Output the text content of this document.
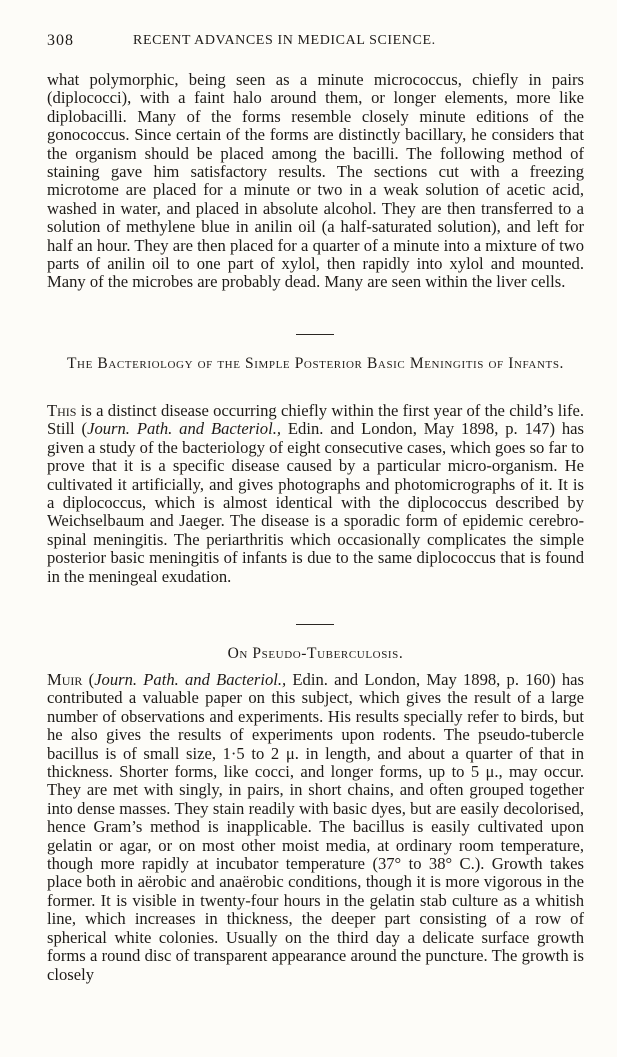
308	RECENT ADVANCES IN MEDICAL SCIENCE.

what polymorphic, being seen as a minute micrococcus, chiefly in pairs (diplococci), with a faint halo around them, or longer elements, more like diplobacilli. Many of the forms resemble closely minute editions of the gonococcus. Since certain of the forms are distinctly bacillary, he considers that the organism should be placed among the bacilli. The following method of staining gave him satisfactory results. The sections cut with a freezing microtome are placed for a minute or two in a weak solution of acetic acid, washed in water, and placed in absolute alcohol. They are then transferred to a solution of methylene blue in anilin oil (a half-saturated solution), and left for half an hour. They are then placed for a quarter of a minute into a mixture of two parts of anilin oil to one part of xylol, then rapidly into xylol and mounted. Many of the microbes are probably dead. Many are seen within the liver cells.

The Bacteriology of the Simple Posterior Basic Meningitis of Infants.

This is a distinct disease occurring chiefly within the first year of the child’s life. Still (Journ. Path. and Bacteriol., Edin. and London, May 1898, p. 147) has given a study of the bacteriology of eight consecutive cases, which goes so far to prove that it is a specific disease caused by a particular micro-organism. He cultivated it artificially, and gives photographs and photomicrographs of it. It is a diplococcus, which is almost identical with the diplococcus described by Weichselbaum and Jaeger. The disease is a sporadic form of epidemic cerebro-spinal meningitis. The periarthritis which occasionally complicates the simple posterior basic meningitis of infants is due to the same diplococcus that is found in the meningeal exudation.

On Pseudo-Tuberculosis.

Muir (Journ. Path. and Bacteriol., Edin. and London, May 1898, p. 160) has contributed a valuable paper on this subject, which gives the result of a large number of observations and experiments. His results specially refer to birds, but he also gives the results of experiments upon rodents. The pseudo-tubercle bacillus is of small size, 1·5 to 2 μ. in length, and about a quarter of that in thickness. Shorter forms, like cocci, and longer forms, up to 5 μ., may occur. They are met with singly, in pairs, in short chains, and often grouped together into dense masses. They stain readily with basic dyes, but are easily decolorised, hence Gram’s method is inapplicable. The bacillus is easily cultivated upon gelatin or agar, or on most other moist media, at ordinary room temperature, though more rapidly at incubator temperature (37° to 38° C.). Growth takes place both in aërobic and anaërobic conditions, though it is more vigorous in the former. It is visible in twenty-four hours in the gelatin stab culture as a whitish line, which increases in thickness, the deeper part consisting of a row of spherical white colonies. Usually on the third day a delicate surface growth forms a round disc of transparent appearance around the puncture. The growth is closely
